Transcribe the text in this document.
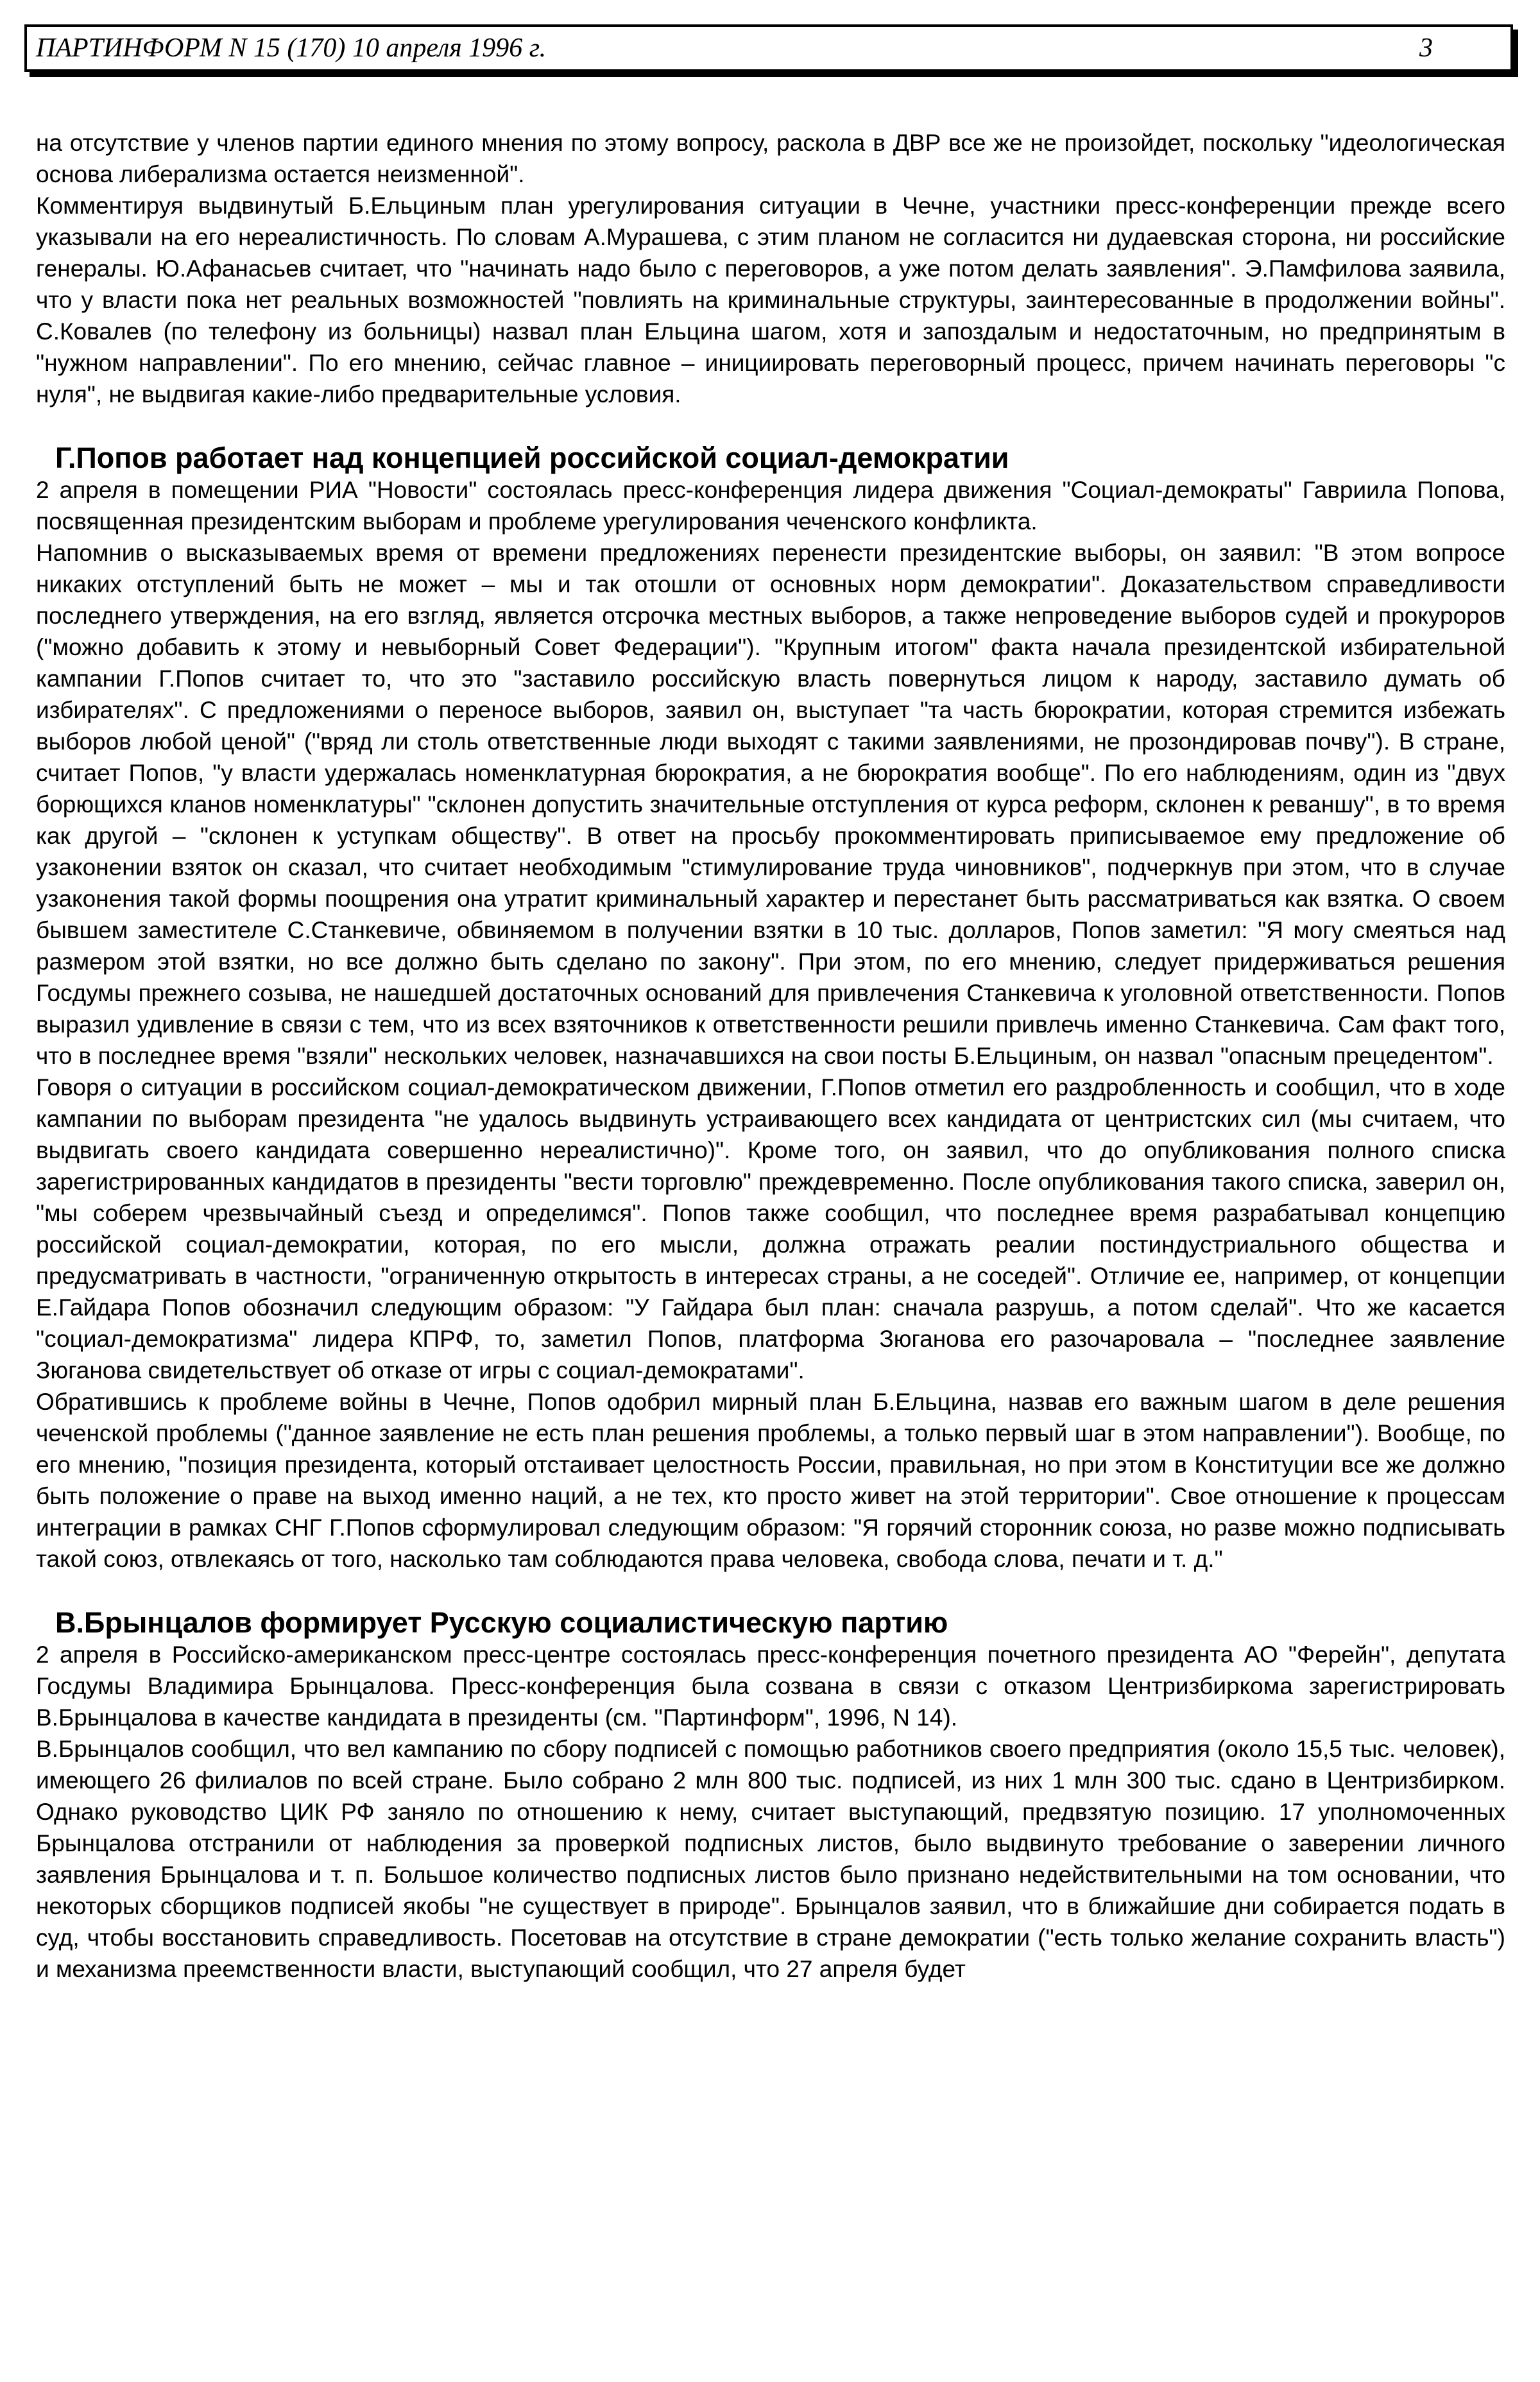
ПАРТИНФОРМ N 15 (170) 10 апреля 1996 г.	3

на отсутствие у членов партии единого мнения по этому вопросу, раскола в ДВР все же не произойдет, поскольку "идеологическая основа либерализма остается неизменной".

Комментируя выдвинутый Б.Ельциным план урегулирования ситуации в Чечне, участники пресс-конференции прежде всего указывали на его нереалистичность. По словам А.Мурашева, с этим планом не согласится ни дудаевская сторона, ни российские генералы. Ю.Афанасьев считает, что "начинать надо было с переговоров, а уже потом делать заявления". Э.Памфилова заявила, что у власти пока нет реальных возможностей "повлиять на криминальные структуры, заинтересованные в продолжении войны". С.Ковалев (по телефону из больницы) назвал план Ельцина шагом, хотя и запоздалым и недостаточным, но предпринятым в "нужном направлении". По его мнению, сейчас главное – инициировать переговорный процесс, причем начинать переговоры "с нуля", не выдвигая какие-либо предварительные условия.

Г.Попов работает над концепцией российской социал-демократии

2 апреля в помещении РИА "Новости" состоялась пресс-конференция лидера движения "Социал-демократы" Гавриила Попова, посвященная президентским выборам и проблеме урегулирования чеченского конфликта.

Напомнив о высказываемых время от времени предложениях перенести президентские выборы, он заявил: "В этом вопросе никаких отступлений быть не может – мы и так отошли от основных норм демократии". Доказательством справедливости последнего утверждения, на его взгляд, является отсрочка местных выборов, а также непроведение выборов судей и прокуроров ("можно добавить к этому и невыборный Совет Федерации"). "Крупным итогом" факта начала президентской избирательной кампании Г.Попов считает то, что это "заставило российскую власть повернуться лицом к народу, заставило думать об избирателях". С предложениями о переносе выборов, заявил он, выступает "та часть бюрократии, которая стремится избежать выборов любой ценой" ("вряд ли столь ответственные люди выходят с такими заявлениями, не прозондировав почву"). В стране, считает Попов, "у власти удержалась номенклатурная бюрократия, а не бюрократия вообще". По его наблюдениям, один из "двух борющихся кланов номенклатуры" "склонен допустить значительные отступления от курса реформ, склонен к реваншу", в то время как другой – "склонен к уступкам обществу". В ответ на просьбу прокомментировать приписываемое ему предложение об узаконении взяток он сказал, что считает необходимым "стимулирование труда чиновников", подчеркнув при этом, что в случае узаконения такой формы поощрения она утратит криминальный характер и перестанет быть рассматриваться как взятка. О своем бывшем заместителе С.Станкевиче, обвиняемом в получении взятки в 10 тыс. долларов, Попов заметил: "Я могу смеяться над размером этой взятки, но все должно быть сделано по закону". При этом, по его мнению, следует придерживаться решения Госдумы прежнего созыва, не нашедшей достаточных оснований для привлечения Станкевича к уголовной ответственности. Попов выразил удивление в связи с тем, что из всех взяточников к ответственности решили привлечь именно Станкевича. Сам факт того, что в последнее время "взяли" нескольких человек, назначавшихся на свои посты Б.Ельциным, он назвал "опасным прецедентом".

Говоря о ситуации в российском социал-демократическом движении, Г.Попов отметил его раздробленность и сообщил, что в ходе кампании по выборам президента "не удалось выдвинуть устраивающего всех кандидата от центристских сил (мы считаем, что выдвигать своего кандидата совершенно нереалистично)". Кроме того, он заявил, что до опубликования полного списка зарегистрированных кандидатов в президенты "вести торговлю" преждевременно. После опубликования такого списка, заверил он, "мы соберем чрезвычайный съезд и определимся". Попов также сообщил, что последнее время разрабатывал концепцию российской социал-демократии, которая, по его мысли, должна отражать реалии постиндустриального общества и предусматривать в частности, "ограниченную открытость в интересах страны, а не соседей". Отличие ее, например, от концепции Е.Гайдара Попов обозначил следующим образом: "У Гайдара был план: сначала разрушь, а потом сделай". Что же касается "социал-демократизма" лидера КПРФ, то, заметил Попов, платформа Зюганова его разочаровала – "последнее заявление Зюганова свидетельствует об отказе от игры с социал-демократами".

Обратившись к проблеме войны в Чечне, Попов одобрил мирный план Б.Ельцина, назвав его важным шагом в деле решения чеченской проблемы ("данное заявление не есть план решения проблемы, а только первый шаг в этом направлении"). Вообще, по его мнению, "позиция президента, который отстаивает целостность России, правильная, но при этом в Конституции все же должно быть положение о праве на выход именно наций, а не тех, кто просто живет на этой территории". Свое отношение к процессам интеграции в рамках СНГ Г.Попов сформулировал следующим образом: "Я горячий сторонник союза, но разве можно подписывать такой союз, отвлекаясь от того, насколько там соблюдаются права человека, свобода слова, печати и т. д."

В.Брынцалов формирует Русскую социалистическую партию

2 апреля в Российско-американском пресс-центре состоялась пресс-конференция почетного президента АО "Ферейн", депутата Госдумы Владимира Брынцалова. Пресс-конференция была созвана в связи с отказом Центризбиркома зарегистрировать В.Брынцалова в качестве кандидата в президенты (см. "Партинформ", 1996, N 14).

В.Брынцалов сообщил, что вел кампанию по сбору подписей с помощью работников своего предприятия (около 15,5 тыс. человек), имеющего 26 филиалов по всей стране. Было собрано 2 млн 800 тыс. подписей, из них 1 млн 300 тыс. сдано в Центризбирком. Однако руководство ЦИК РФ заняло по отношению к нему, считает выступающий, предвзятую позицию. 17 уполномоченных Брынцалова отстранили от наблюдения за проверкой подписных листов, было выдвинуто требование о заверении личного заявления Брынцалова и т. п. Большое количество подписных листов было признано недействительными на том основании, что некоторых сборщиков подписей якобы "не существует в природе". Брынцалов заявил, что в ближайшие дни собирается подать в суд, чтобы восстановить справедливость. Посетовав на отсутствие в стране демократии ("есть только желание сохранить власть") и механизма преемственности власти, выступающий сообщил, что 27 апреля будет
